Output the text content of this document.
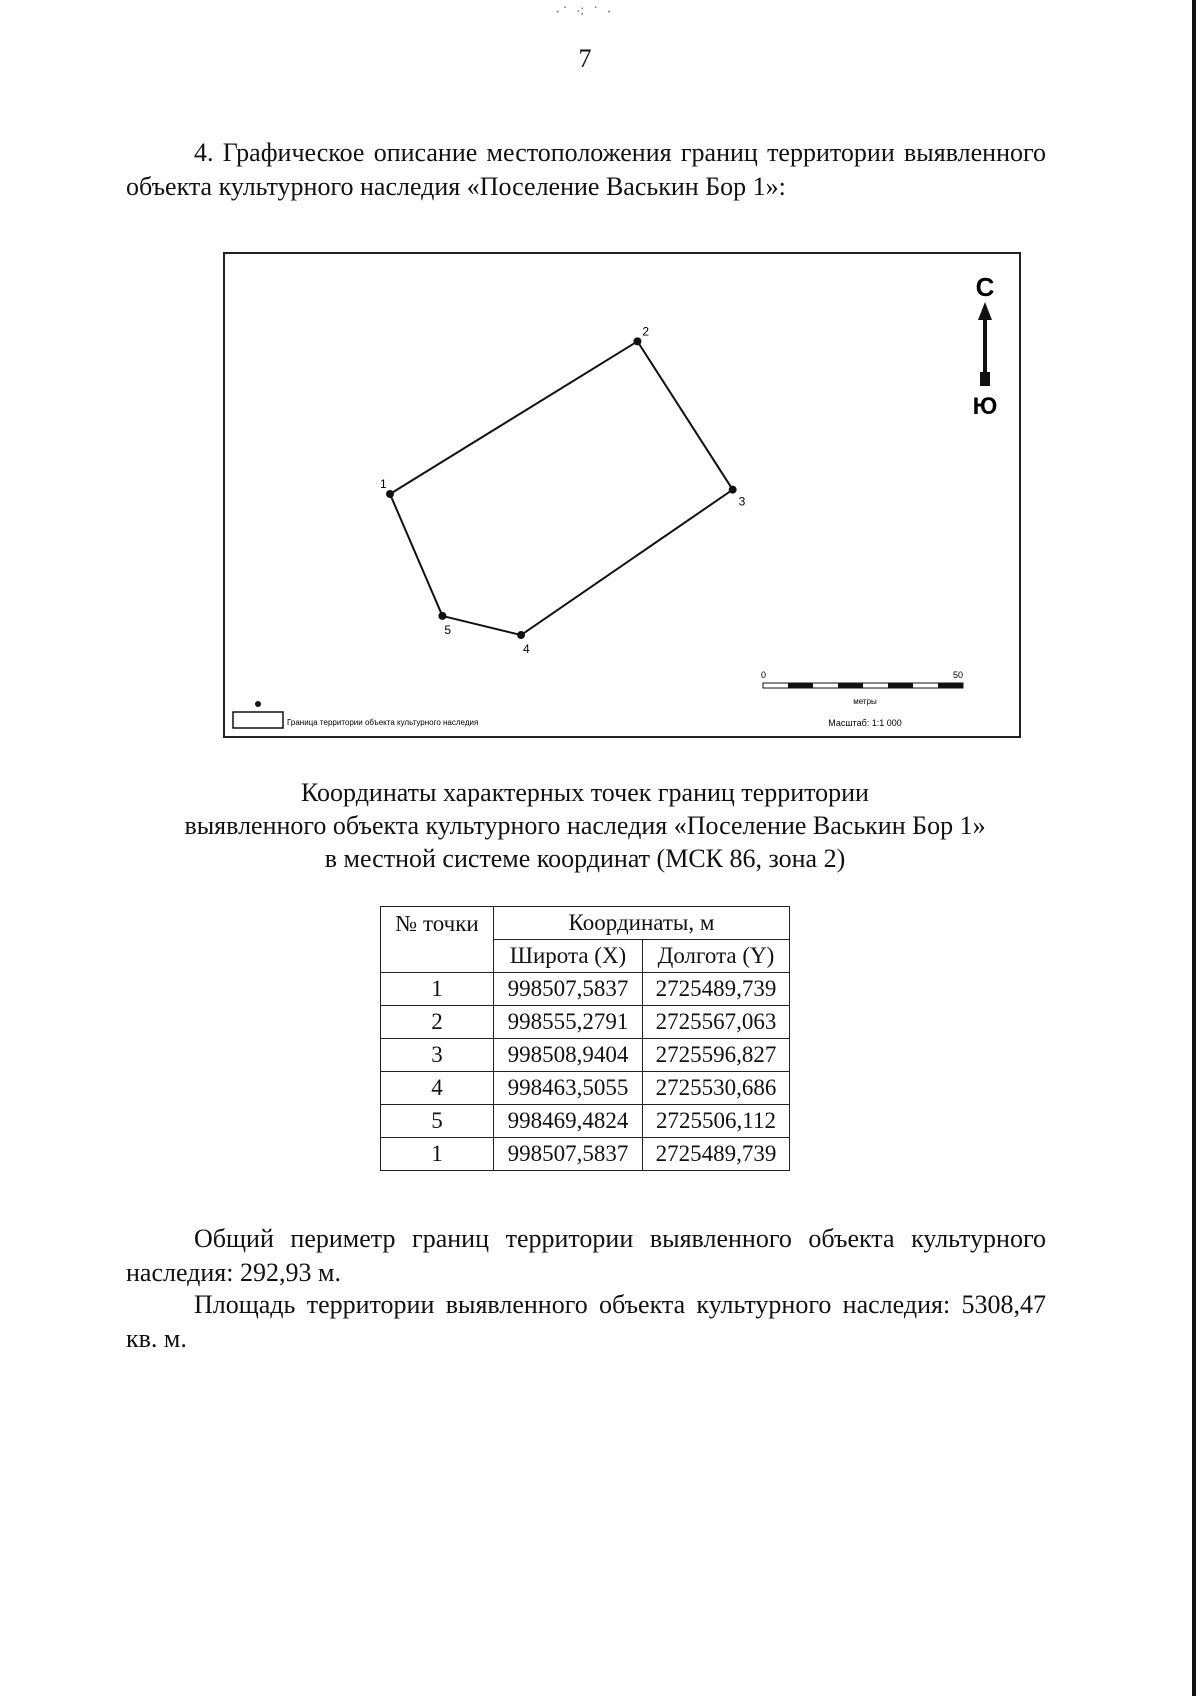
·˙ ⁖ ˙ ·
7
4. Графическое описание местоположения границ территории выявленного объекта культурного наследия «Поселение Васькин Бор 1»:
1
2
3
4
5
С
Ю
Граница территории объекта культурного наследия
0	50
метры
Масштаб: 1:1 000
Координаты характерных точек границ территории
выявленного объекта культурного наследия «Поселение Васькин Бор 1»
в местной системе координат (МСК 86, зона 2)
№ точки	Координаты, м	
	Широта (X)	Долгота (Y)
1	998507,5837	2725489,739
2	998555,2791	2725567,063
3	998508,9404	2725596,827
4	998463,5055	2725530,686
5	998469,4824	2725506,112
1	998507,5837	2725489,739
Общий периметр границ территории выявленного объекта культурного наследия: 292,93 м.
Площадь территории выявленного объекта культурного наследия: 5308,47 кв. м.
